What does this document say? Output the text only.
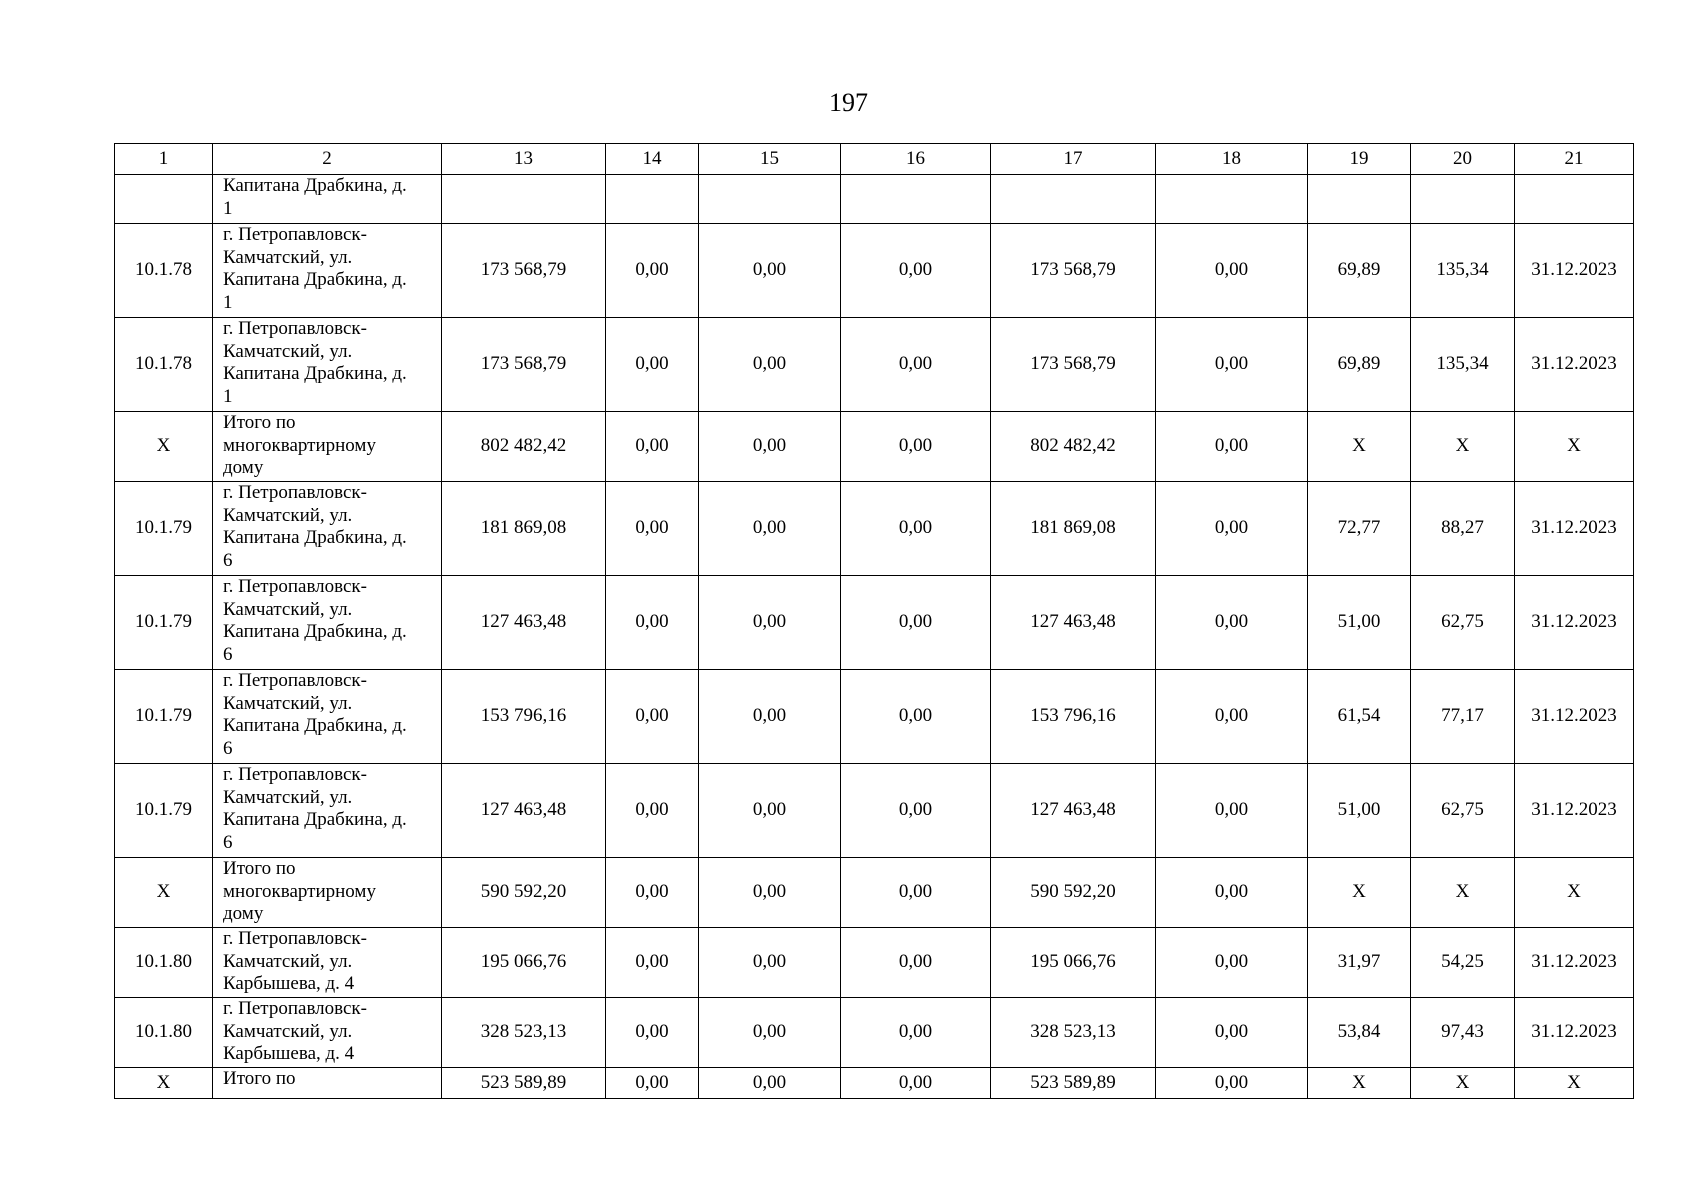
197
1	2	13	14	15	16	17	18	19	20	21

	Капитана Драбкина, д.
1									

10.1.78	г. Петропавловск-
Камчатский, ул.
Капитана Драбкина, д.
1	173 568,79	0,00	0,00	0,00	173 568,79	0,00	69,89	135,34	31.12.2023
10.1.78	г. Петропавловск-
Камчатский, ул.
Капитана Драбкина, д.
1	173 568,79	0,00	0,00	0,00	173 568,79	0,00	69,89	135,34	31.12.2023
X	Итого по
многоквартирному
дому	802 482,42	0,00	0,00	0,00	802 482,42	0,00	X	X	X
10.1.79	г. Петропавловск-
Камчатский, ул.
Капитана Драбкина, д.
6	181 869,08	0,00	0,00	0,00	181 869,08	0,00	72,77	88,27	31.12.2023
10.1.79	г. Петропавловск-
Камчатский, ул.
Капитана Драбкина, д.
6	127 463,48	0,00	0,00	0,00	127 463,48	0,00	51,00	62,75	31.12.2023
10.1.79	г. Петропавловск-
Камчатский, ул.
Капитана Драбкина, д.
6	153 796,16	0,00	0,00	0,00	153 796,16	0,00	61,54	77,17	31.12.2023
10.1.79	г. Петропавловск-
Камчатский, ул.
Капитана Драбкина, д.
6	127 463,48	0,00	0,00	0,00	127 463,48	0,00	51,00	62,75	31.12.2023
X	Итого по
многоквартирному
дому	590 592,20	0,00	0,00	0,00	590 592,20	0,00	X	X	X
10.1.80	г. Петропавловск-
Камчатский, ул.
Карбышева, д. 4	195 066,76	0,00	0,00	0,00	195 066,76	0,00	31,97	54,25	31.12.2023
10.1.80	г. Петропавловск-
Камчатский, ул.
Карбышева, д. 4	328 523,13	0,00	0,00	0,00	328 523,13	0,00	53,84	97,43	31.12.2023
X	Итого по	523 589,89	0,00	0,00	0,00	523 589,89	0,00	X	X	X
